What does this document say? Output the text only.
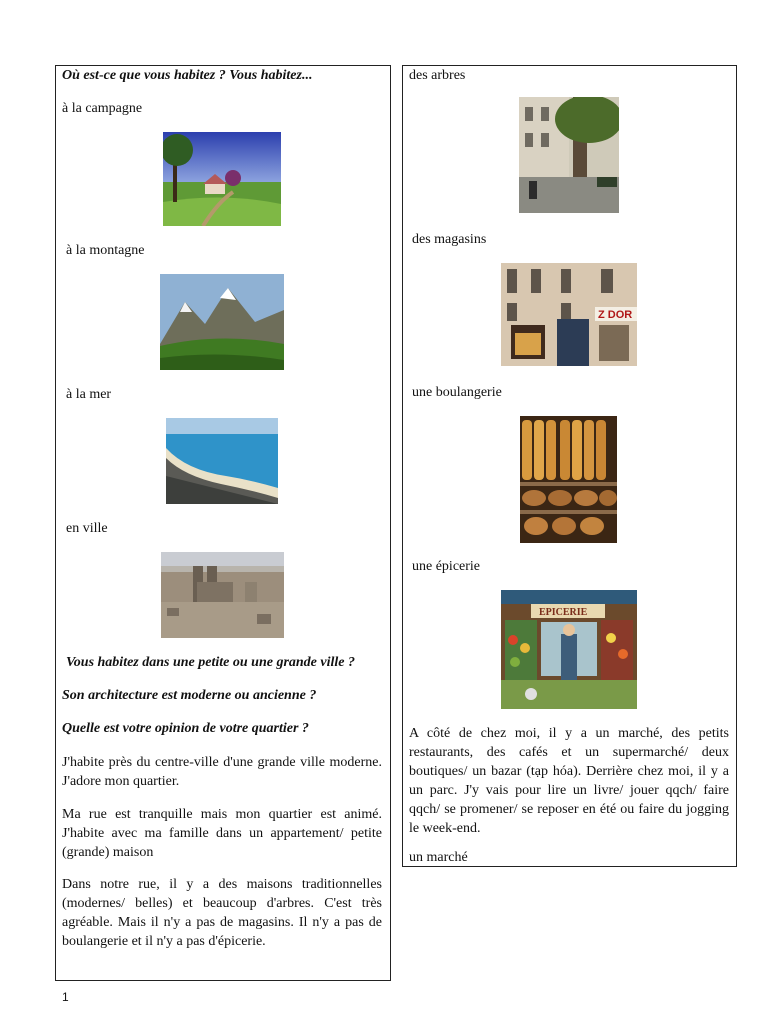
Où est-ce que vous habitez ? Vous habitez...
à la campagne
à la montagne
à la mer
en ville
Vous habitez dans une petite ou une grande ville ?
Son architecture est moderne ou ancienne ?
Quelle est votre opinion de votre quartier ?
J'habite près du centre-ville d'une grande ville moderne. J'adore mon quartier.
Ma rue est tranquille mais mon quartier est animé. J'habite avec ma famille dans un appartement/ petite (grande) maison
Dans notre rue, il y a des maisons traditionnelles (modernes/ belles) et beaucoup d'arbres. C'est très agréable. Mais il n'y a pas de magasins. Il n'y a pas de boulangerie et il n'y a pas d'épicerie.
des arbres
des magasins
Z DOR
une boulangerie
une épicerie
EPICERIE
A côté de chez moi, il y a un marché, des petits restaurants, des cafés et un supermarché/ deux boutiques/ un bazar (tạp hóa). Derrière chez moi, il y a un parc. J'y vais pour lire un livre/ jouer qqch/ faire qqch/ se promener/ se reposer en été ou faire du jogging le week-end.
un marché
1
